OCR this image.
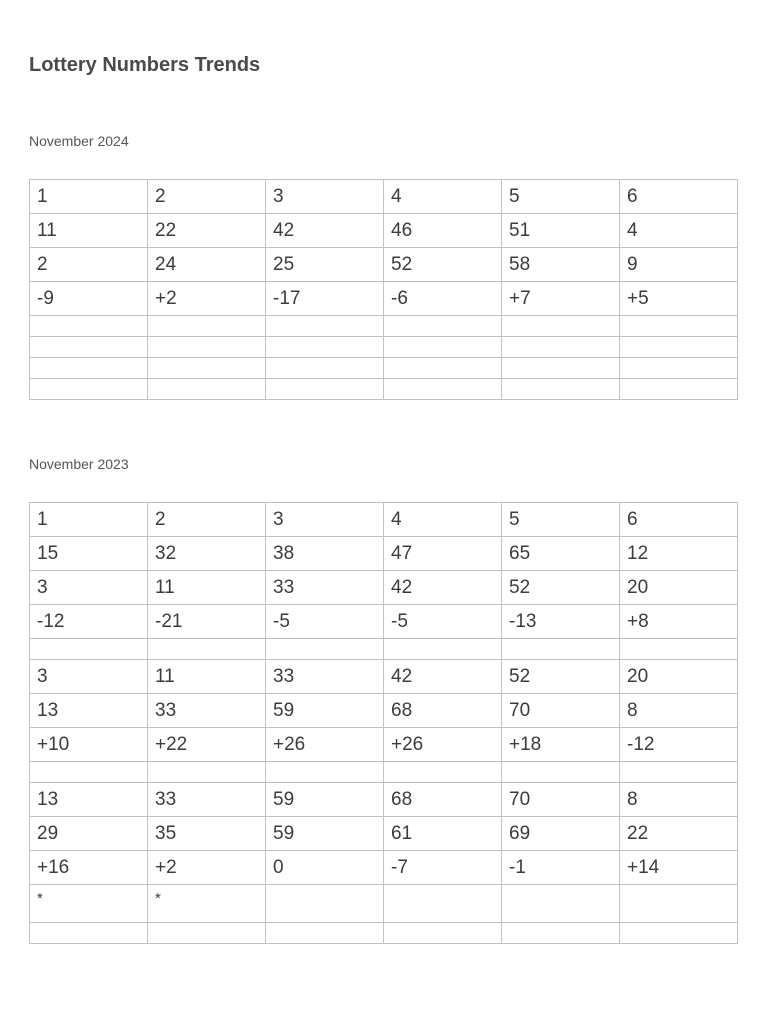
Lottery Numbers Trends

November 2024

1	2	3	4	5	6
11	22	42	46	51	4
2	24	25	52	58	9
-9	+2	-17	-6	+7	+5

November 2023

1	2	3	4	5	6
15	32	38	47	65	12
3	11	33	42	52	20
-12	-21	-5	-5	-13	+8

3	11	33	42	52	20
13	33	59	68	70	8
+10	+22	+26	+26	+18	-12

13	33	59	68	70	8
29	35	59	61	69	22
+16	+2	0	-7	-1	+14
*	*				
